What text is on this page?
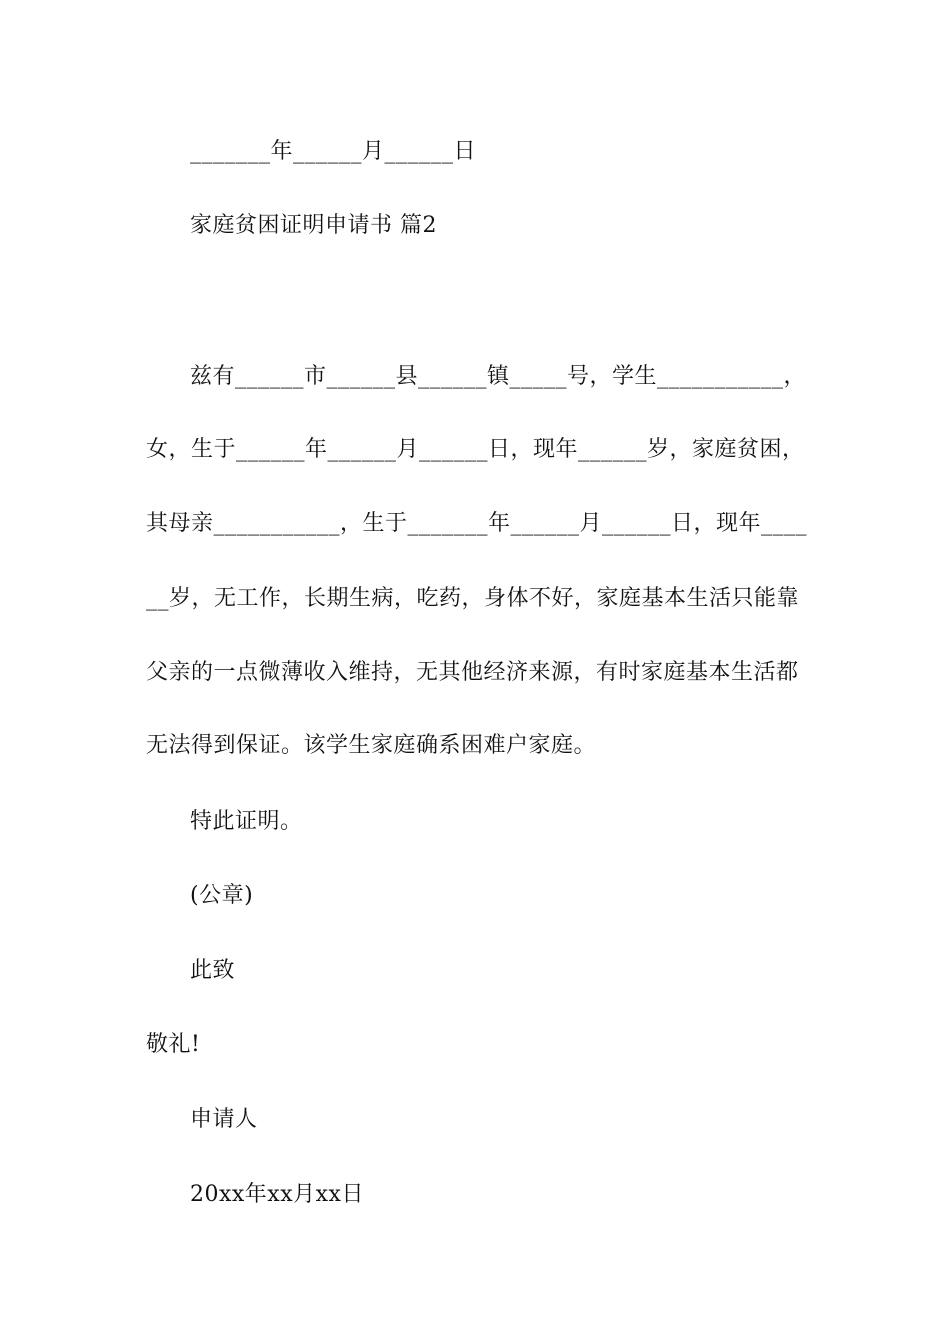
_______年______月______日
家庭贫困证明申请书 篇2
兹有______市______县______镇_____号，学生___________，
女，生于______年______月______日，现年______岁，家庭贫困，
其母亲___________，生于_______年______月______日，现年____
__岁，无工作，长期生病，吃药，身体不好，家庭基本生活只能靠
父亲的一点微薄收入维持，无其他经济来源，有时家庭基本生活都
无法得到保证。该学生家庭确系困难户家庭。
特此证明。
(公章)
此致
敬礼!
申请人
20xx年xx月xx日
